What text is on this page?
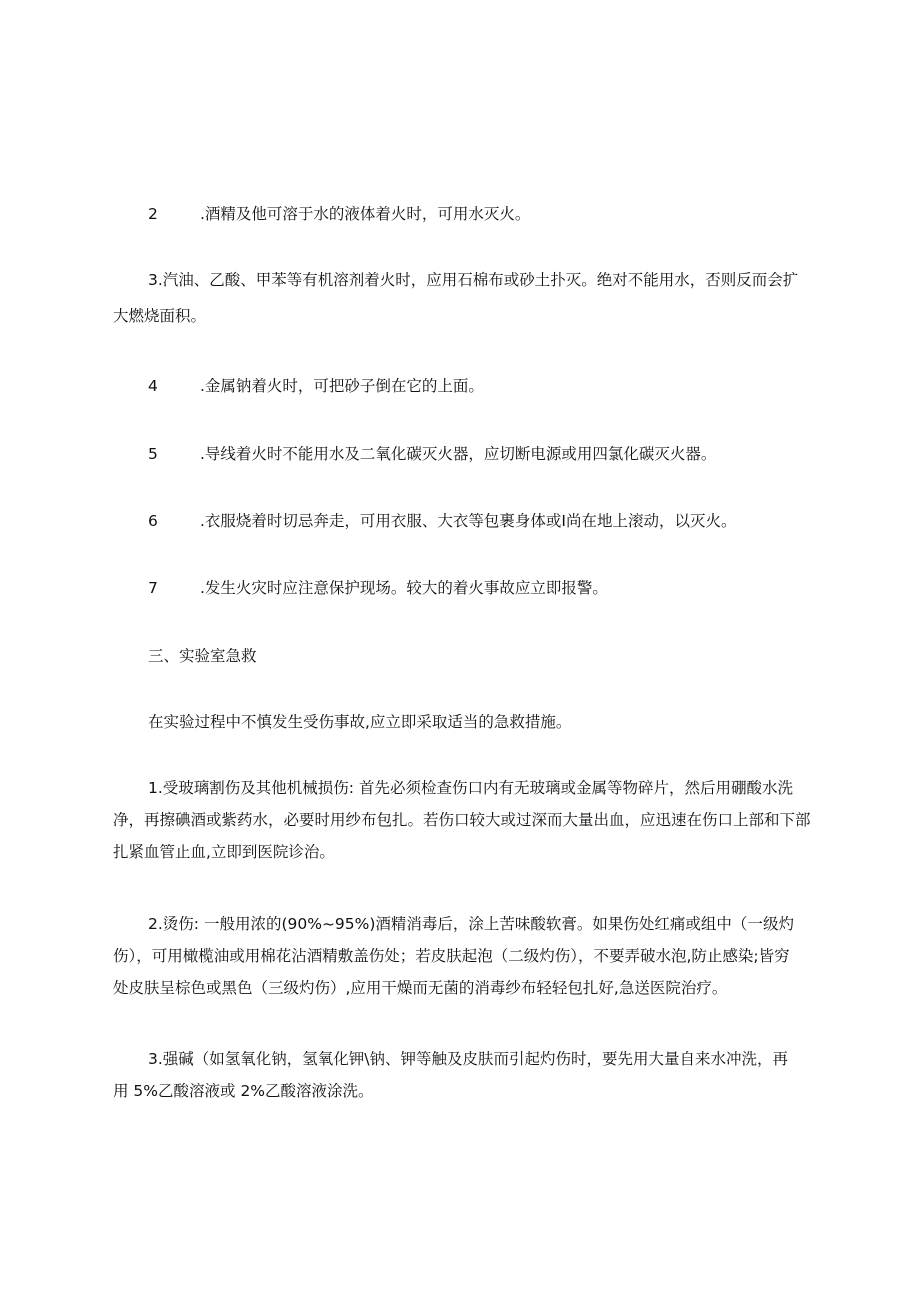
2	.酒精及他可溶于水的液体着火时，可用水灭火。
3.汽油、乙酸、甲苯等有机溶剂着火时，应用石棉布或砂土扑灭。绝对不能用水，否则反而会扩
大燃烧面积。
4	.金属钠着火时，可把砂子倒在它的上面。
5	.导线着火时不能用水及二氧化碳灭火器，应切断电源或用四氯化碳灭火器。
6	.衣服烧着时切忌奔走，可用衣服、大衣等包裹身体或Ⅰ尚在地上滚动，以灭火。
7	.发生火灾时应注意保护现场。较大的着火事故应立即报警。
三、实验室急救
在实验过程中不慎发生受伤事故,应立即采取适当的急救措施。
1.受玻璃割伤及其他机械损伤: 首先必须检查伤口内有无玻璃或金属等物碎片，然后用硼酸水洗
净，再擦碘酒或紫药水，必要时用纱布包扎。若伤口较大或过深而大量出血，应迅速在伤口上部和下部
扎紧血管止血,立即到医院诊治。
2.烫伤: 一般用浓的(90%~95%)酒精消毒后，涂上苦味酸软膏。如果伤处红痛或组中（一级灼
伤），可用橄榄油或用棉花沾酒精敷盖伤处；若皮肤起泡（二级灼伤），不要弄破水泡,防止感染;皆穷
处皮肤呈棕色或黑色（三级灼伤）,应用干燥而无菌的消毒纱布轻轻包扎好,急送医院治疗。
3.强碱（如氢氧化钠，氢氧化钾\钠、钾等触及皮肤而引起灼伤时，要先用大量自来水冲洗，再
用 5%乙酸溶液或 2%乙酸溶液涂洗。
